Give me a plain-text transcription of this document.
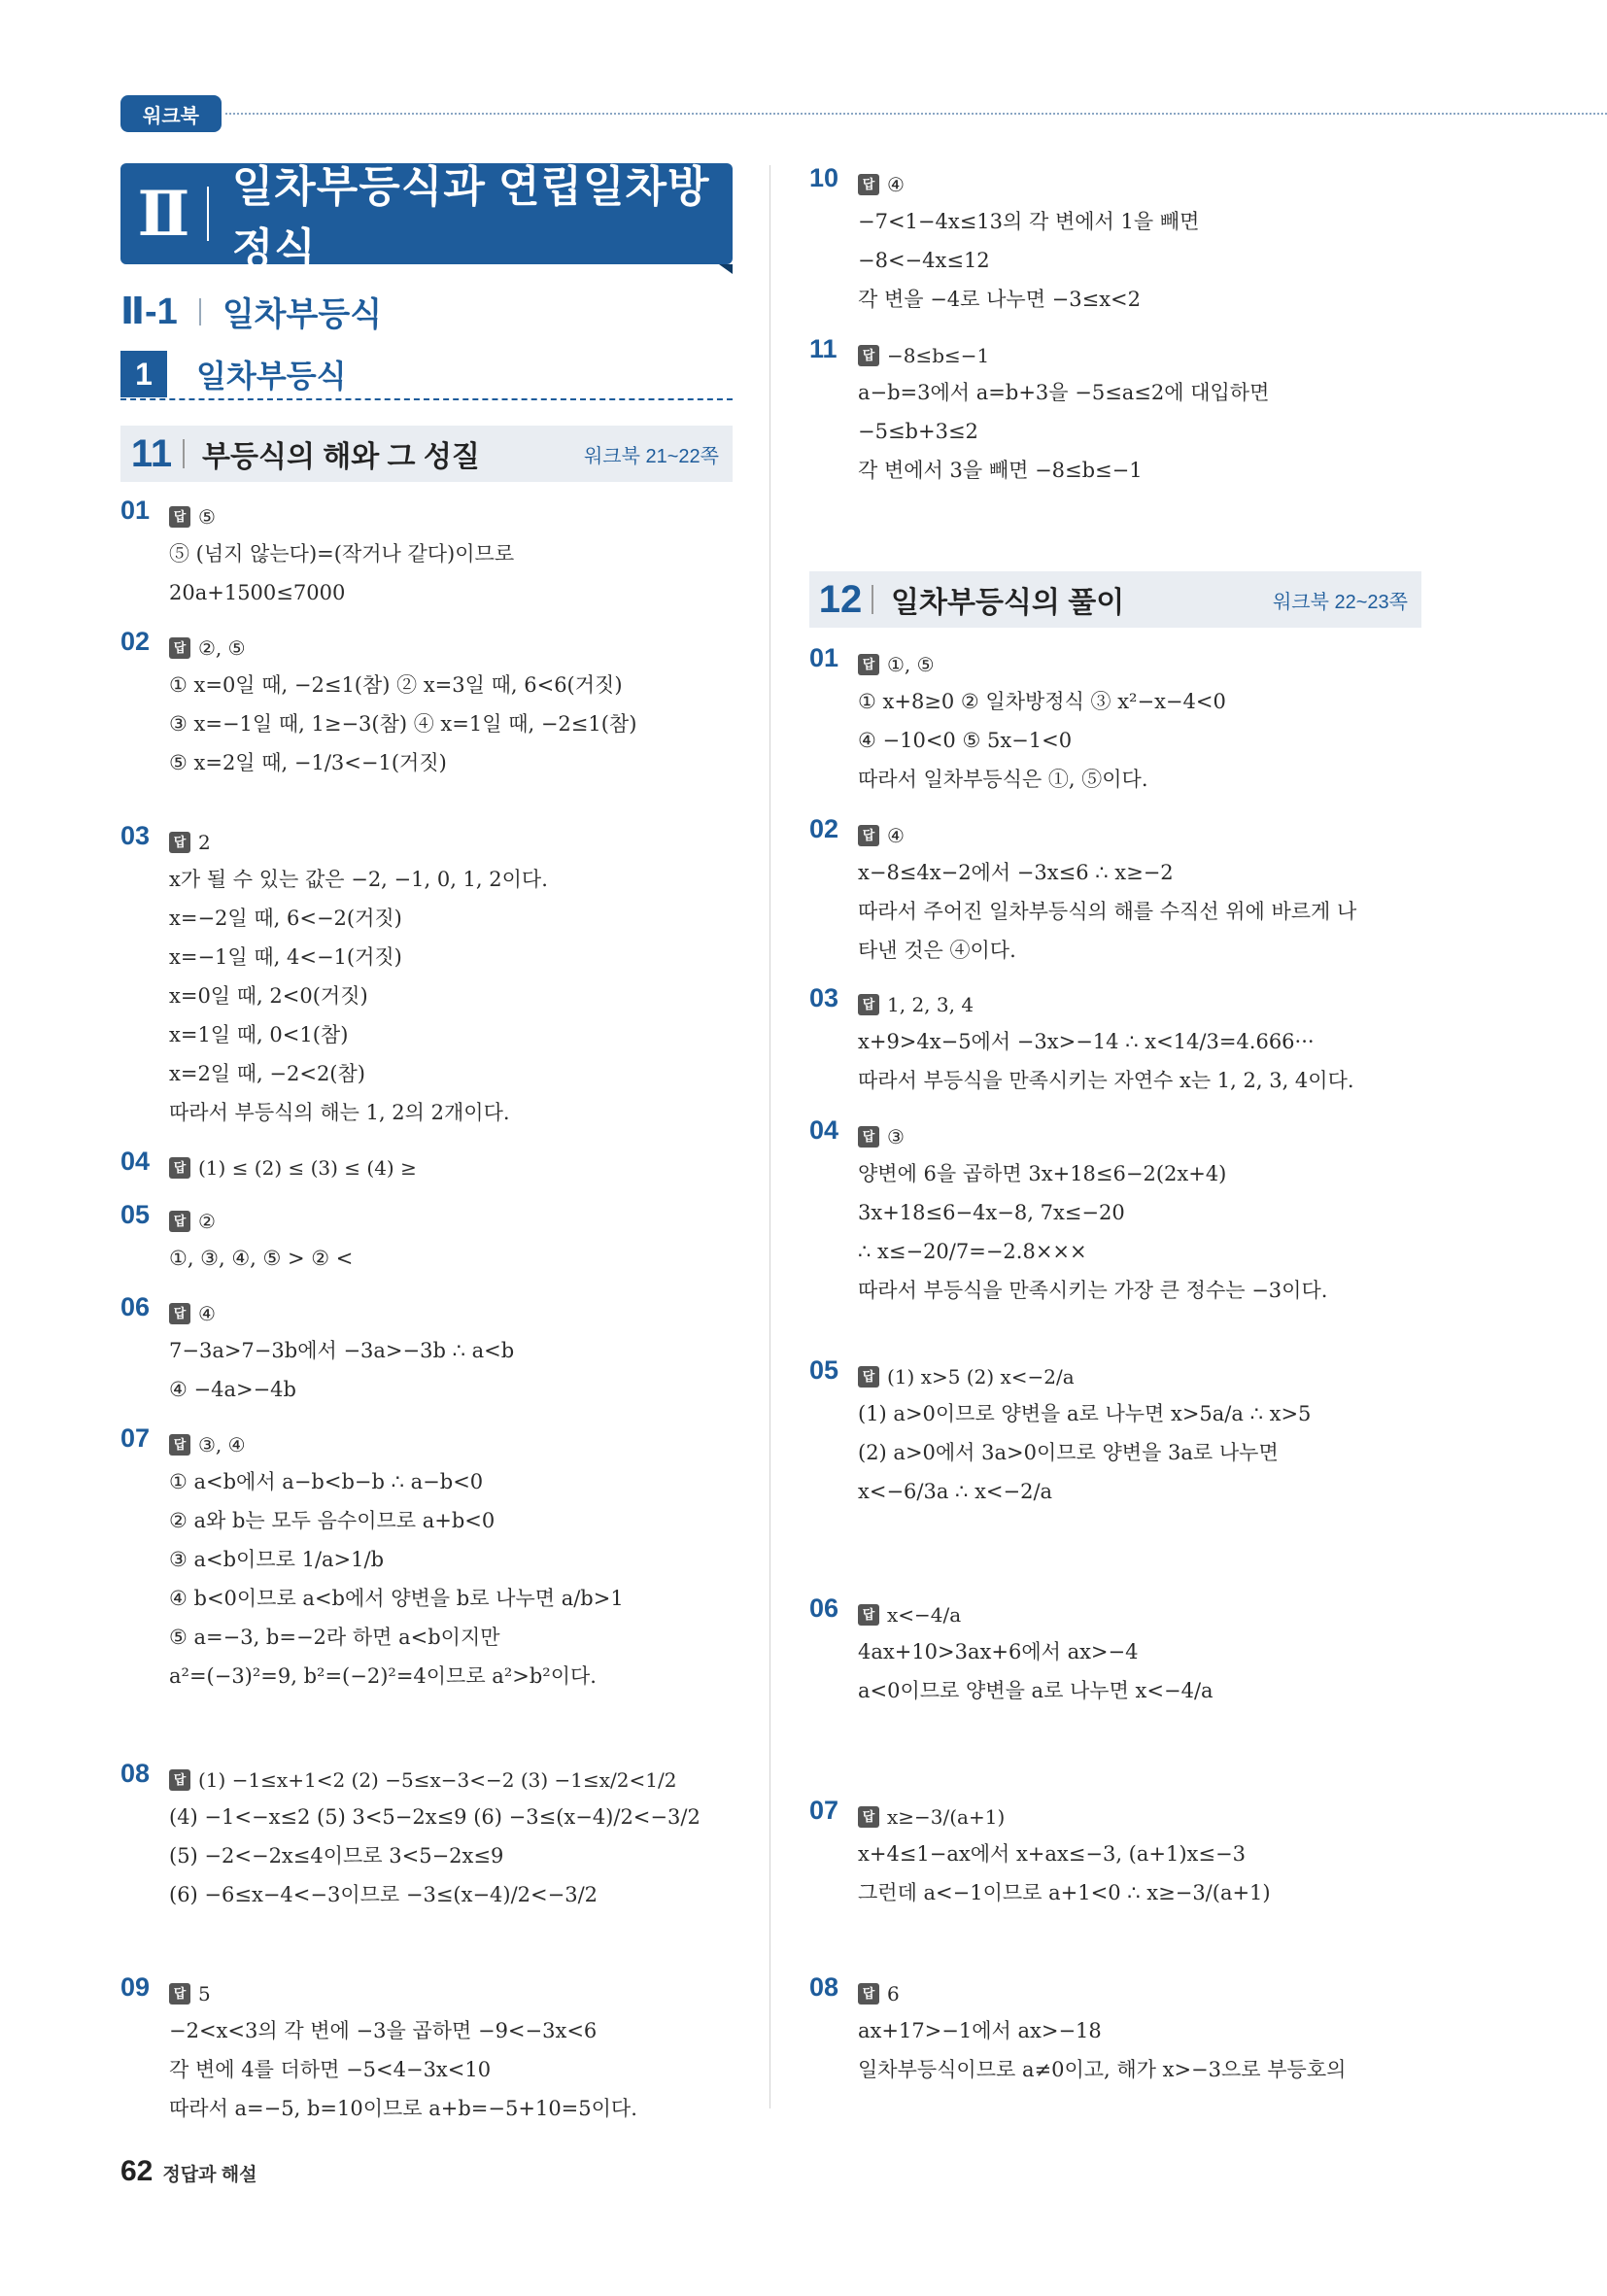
워크북
Ⅱ 일차부등식과 연립일차방정식
Ⅱ-1 일차부등식
1	일차부등식
11	부등식의 해와 그 성질	워크북 21~22쪽
01	답 ⑤
⑤ (넘지 않는다)=(작거나 같다)이므로
20a+1500≤7000
02	답 ②, ⑤
① x=0일 때, −2≤1(참) ② x=3일 때, 6<6(거짓)
③ x=−1일 때, 1≥−3(참) ④ x=1일 때, −2≤1(참)
⑤ x=2일 때, −1/3<−1(거짓)
03	답 2
x가 될 수 있는 값은 −2, −1, 0, 1, 2이다.
x=−2일 때, 6<−2(거짓)
x=−1일 때, 4<−1(거짓)
x=0일 때, 2<0(거짓)
x=1일 때, 0<1(참)
x=2일 때, −2<2(참)
따라서 부등식의 해는 1, 2의 2개이다.
04	답 (1) ≤ (2) ≤ (3) ≤ (4) ≥
05	답 ②
①, ③, ④, ⑤ > ② <
06	답 ④
7−3a>7−3b에서 −3a>−3b ∴ a<b
④ −4a>−4b
07	답 ③, ④
① a<b에서 a−b<b−b ∴ a−b<0
② a와 b는 모두 음수이므로 a+b<0
③ a<b이므로 1/a>1/b
④ b<0이므로 a<b에서 양변을 b로 나누면 a/b>1
⑤ a=−3, b=−2라 하면 a<b이지만
a²=(−3)²=9, b²=(−2)²=4이므로 a²>b²이다.
08	답 (1) −1≤x+1<2 (2) −5≤x−3<−2 (3) −1≤x/2<1/2
(4) −1<−x≤2 (5) 3<5−2x≤9 (6) −3≤(x−4)/2<−3/2
(5) −2<−2x≤4이므로 3<5−2x≤9
(6) −6≤x−4<−3이므로 −3≤(x−4)/2<−3/2
09	답 5
−2<x<3의 각 변에 −3을 곱하면 −9<−3x<6
각 변에 4를 더하면 −5<4−3x<10
따라서 a=−5, b=10이므로 a+b=−5+10=5이다.
10	답 ④
−7<1−4x≤13의 각 변에서 1을 빼면
−8<−4x≤12
각 변을 −4로 나누면 −3≤x<2
11	답 −8≤b≤−1
a−b=3에서 a=b+3을 −5≤a≤2에 대입하면
−5≤b+3≤2
각 변에서 3을 빼면 −8≤b≤−1
12 일차부등식의 풀이	워크북 22~23쪽
01	답 ①, ⑤
① x+8≥0 ② 일차방정식 ③ x²−x−4<0
④ −10<0 ⑤ 5x−1<0
따라서 일차부등식은 ①, ⑤이다.
02	답 ④
x−8≤4x−2에서 −3x≤6 ∴ x≥−2
따라서 주어진 일차부등식의 해를 수직선 위에 바르게 나
타낸 것은 ④이다.
03	답 1, 2, 3, 4
x+9>4x−5에서 −3x>−14 ∴ x<14/3=4.666···
따라서 부등식을 만족시키는 자연수 x는 1, 2, 3, 4이다.
04	답 ③
양변에 6을 곱하면 3x+18≤6−2(2x+4)
3x+18≤6−4x−8, 7x≤−20
∴ x≤−20/7=−2.8×××
따라서 부등식을 만족시키는 가장 큰 정수는 −3이다.
05	답 (1) x>5 (2) x<−2/a
(1) a>0이므로 양변을 a로 나누면 x>5a/a ∴ x>5
(2) a>0에서 3a>0이므로 양변을 3a로 나누면
x<−6/3a ∴ x<−2/a
06	답 x<−4/a
4ax+10>3ax+6에서 ax>−4
a<0이므로 양변을 a로 나누면 x<−4/a
07	답 x≥−3/(a+1)
x+4≤1−ax에서 x+ax≤−3, (a+1)x≤−3
그런데 a<−1이므로 a+1<0 ∴ x≥−3/(a+1)
08	답 6
ax+17>−1에서 ax>−18
일차부등식이므로 a≠0이고, 해가 x>−3으로 부등호의
62 정답과 해설
